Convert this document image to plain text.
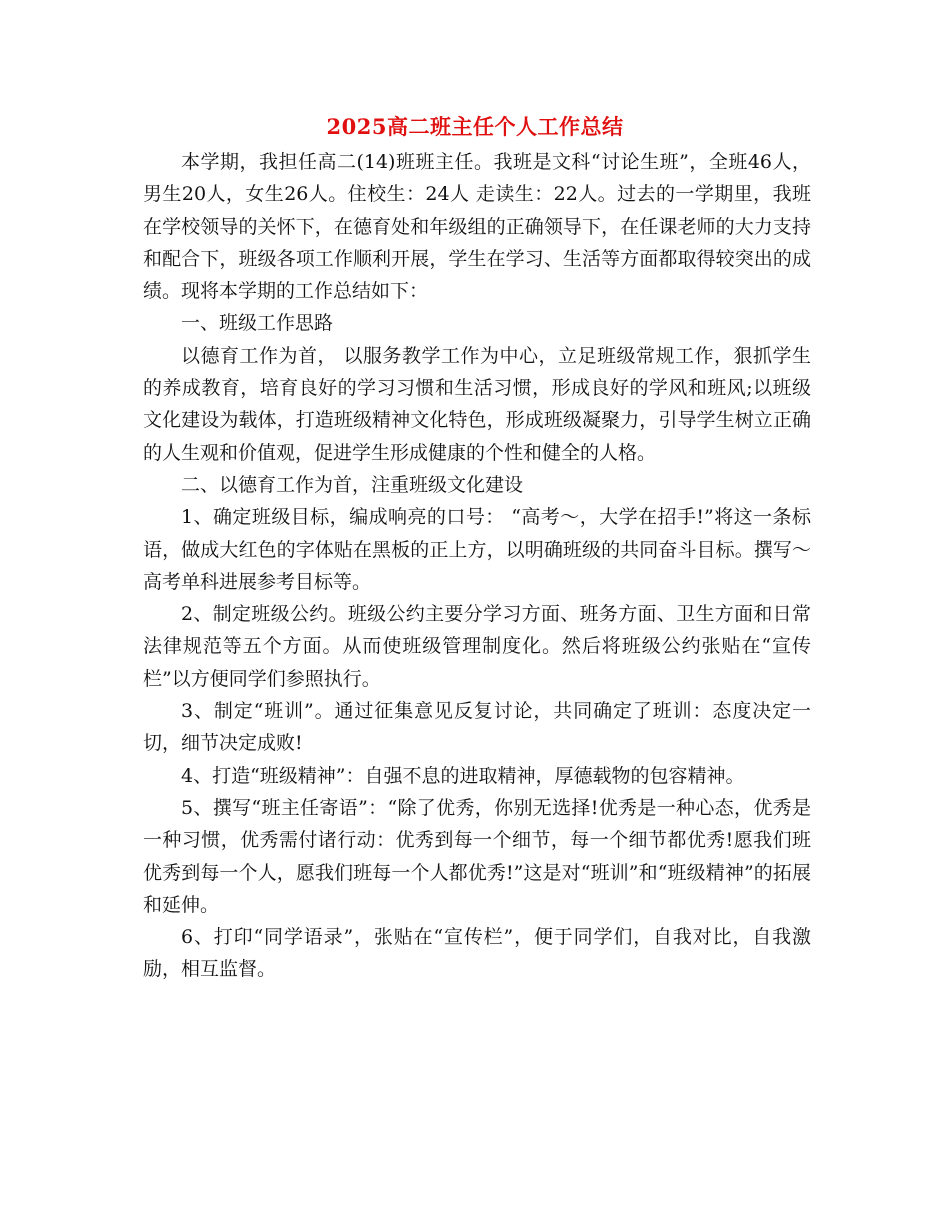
2025高二班主任个人工作总结

本学期，我担任高二(14)班班主任。我班是文科“讨论生班”，全班46人，男生20人，女生26人。住校生：24人 走读生：22人。过去的一学期里，我班在学校领导的关怀下，在德育处和年级组的正确领导下，在任课老师的大力支持和配合下，班级各项工作顺利开展，学生在学习、生活等方面都取得较突出的成绩。现将本学期的工作总结如下：

一、班级工作思路

以德育工作为首， 以服务教学工作为中心，立足班级常规工作，狠抓学生的养成教育，培育良好的学习习惯和生活习惯，形成良好的学风和班风;以班级文化建设为载体，打造班级精神文化特色，形成班级凝聚力，引导学生树立正确的人生观和价值观，促进学生形成健康的个性和健全的人格。

二、以德育工作为首，注重班级文化建设

1、确定班级目标，编成响亮的口号： “高考～，大学在招手!”将这一条标语，做成大红色的字体贴在黑板的正上方，以明确班级的共同奋斗目标。撰写～高考单科进展参考目标等。

2、制定班级公约。班级公约主要分学习方面、班务方面、卫生方面和日常法律规范等五个方面。从而使班级管理制度化。然后将班级公约张贴在“宣传栏”以方便同学们参照执行。

3、制定“班训”。通过征集意见反复讨论，共同确定了班训：态度决定一切，细节决定成败!

4、打造“班级精神”：自强不息的进取精神，厚德载物的包容精神。

5、撰写“班主任寄语”：“除了优秀，你别无选择!优秀是一种心态，优秀是一种习惯，优秀需付诸行动：优秀到每一个细节，每一个细节都优秀!愿我们班优秀到每一个人，愿我们班每一个人都优秀!”这是对“班训”和“班级精神”的拓展和延伸。

6、打印“同学语录”，张贴在“宣传栏”，便于同学们，自我对比，自我激励，相互监督。
